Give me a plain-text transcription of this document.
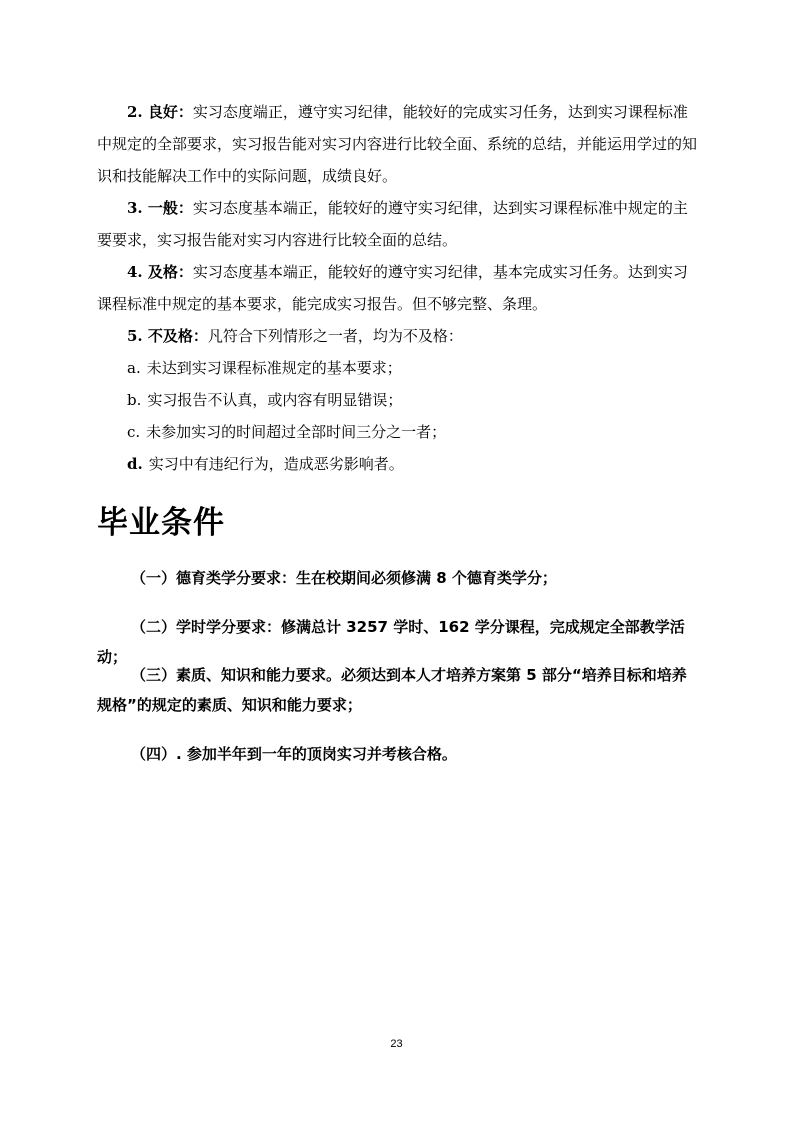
2. 良好：实习态度端正，遵守实习纪律，能较好的完成实习任务，达到实习课程标准中规定的全部要求，实习报告能对实习内容进行比较全面、系统的总结，并能运用学过的知识和技能解决工作中的实际问题，成绩良好。

3. 一般：实习态度基本端正，能较好的遵守实习纪律，达到实习课程标准中规定的主要要求，实习报告能对实习内容进行比较全面的总结。

4. 及格：实习态度基本端正，能较好的遵守实习纪律，基本完成实习任务。达到实习课程标准中规定的基本要求，能完成实习报告。但不够完整、条理。

5. 不及格：凡符合下列情形之一者，均为不及格：

a. 未达到实习课程标准规定的基本要求；

b. 实习报告不认真，或内容有明显错误；

c. 未参加实习的时间超过全部时间三分之一者；

d. 实习中有违纪行为，造成恶劣影响者。

毕业条件

（一）德育类学分要求：生在校期间必须修满 8 个德育类学分；

（二）学时学分要求：修满总计 3257 学时、162 学分课程，完成规定全部教学活动；

（三）素质、知识和能力要求。必须达到本人才培养方案第 5 部分“培养目标和培养规格”的规定的素质、知识和能力要求；

（四）. 参加半年到一年的顶岗实习并考核合格。

23
